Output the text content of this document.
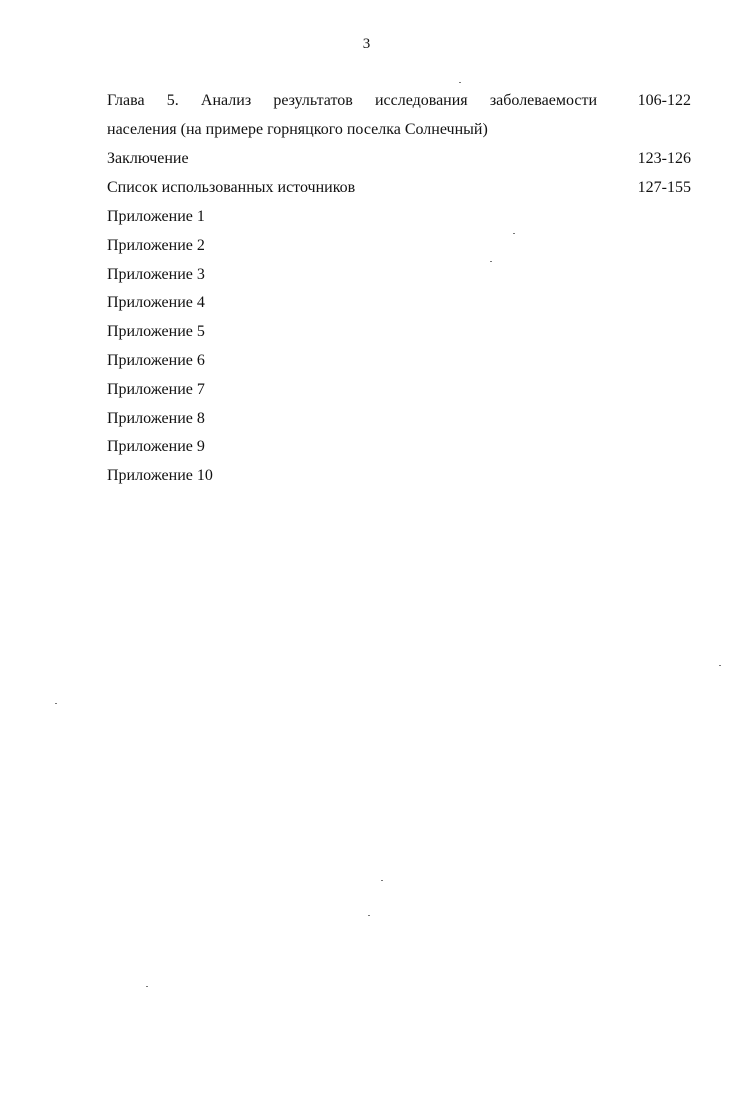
3
Глава 5. Анализ результатов исследования заболеваемости
населения (на примере горняцкого поселка Солнечный)
106-122
Заключение	123-126
Список использованных источников	127-155
Приложение 1
Приложение 2
Приложение 3
Приложение 4
Приложение 5
Приложение 6
Приложение 7
Приложение 8
Приложение 9
Приложение 10
